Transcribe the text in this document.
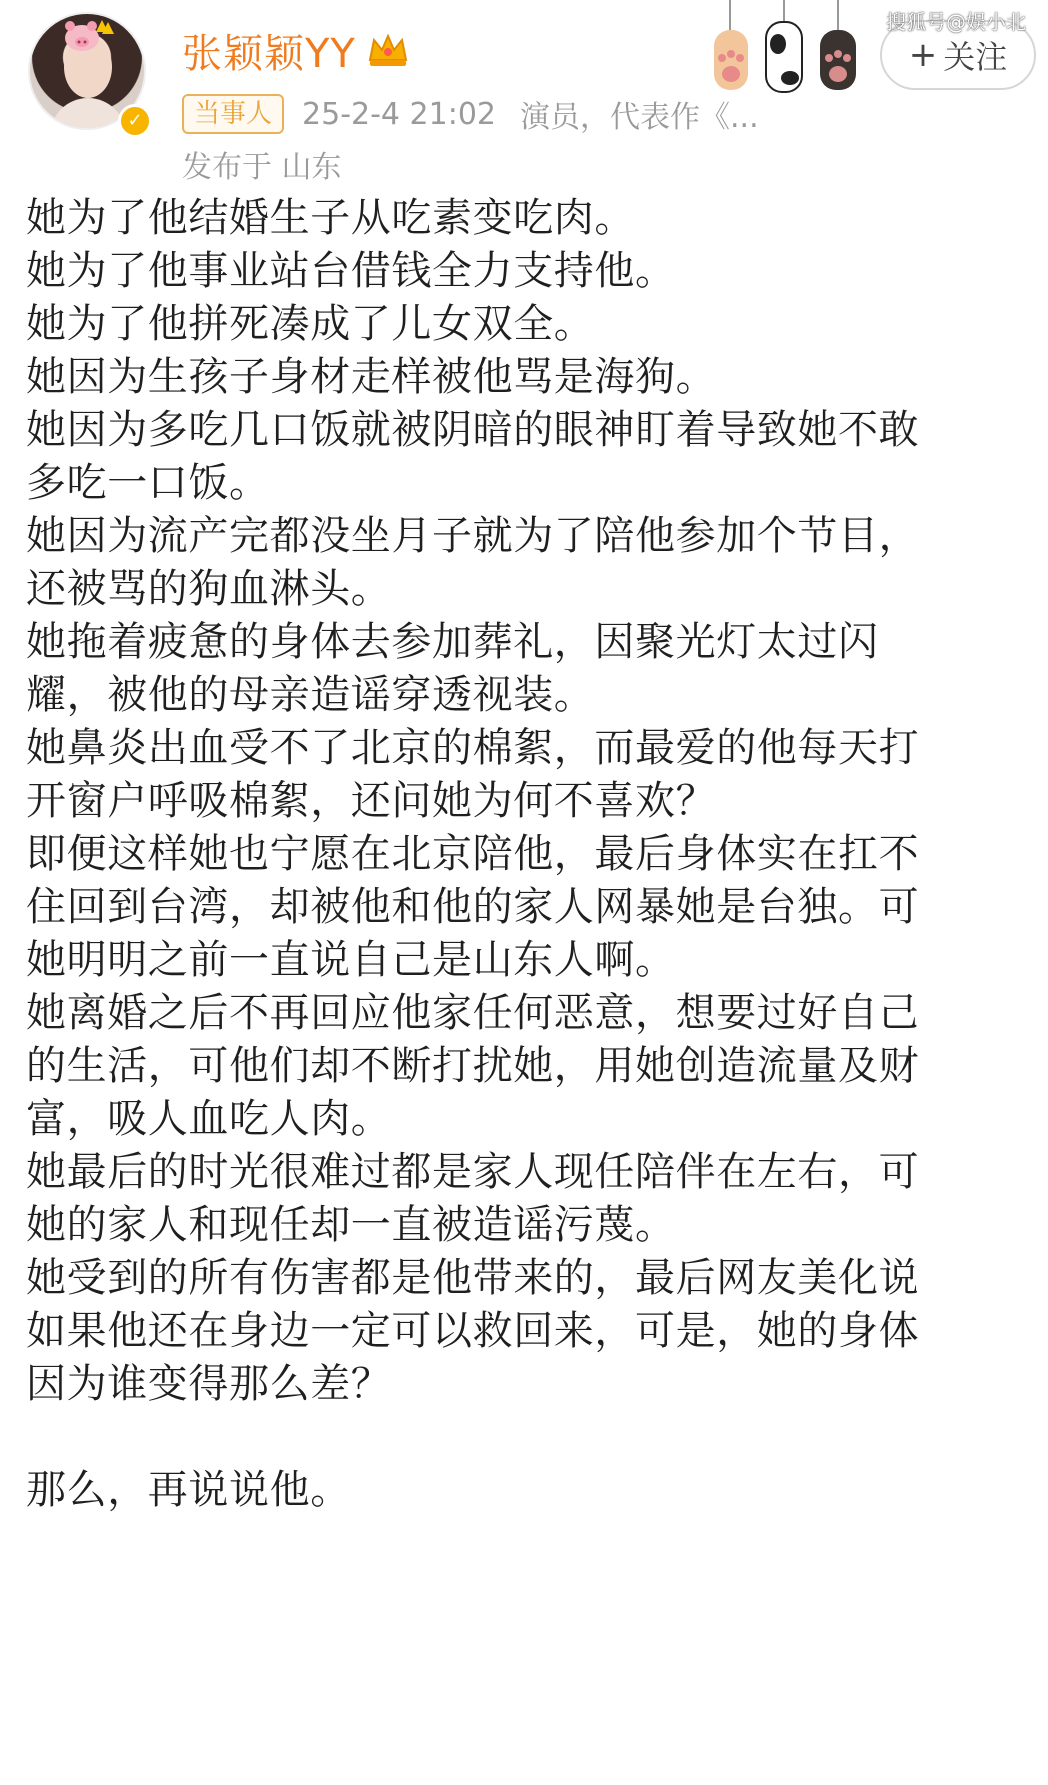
✓
张颖颖YY
当事人	25-2-4 21:02 演员，代表作《...
发布于 山东
+ 关注
搜狐号@娱小北

她为了他结婚生子从吃素变吃肉。

她为了他事业站台借钱全力支持他。

她为了他拼死凑成了儿女双全。

她因为生孩子身材走样被他骂是海狗。

她因为多吃几口饭就被阴暗的眼神盯着导致她不敢

多吃一口饭。

她因为流产完都没坐月子就为了陪他参加个节目，

还被骂的狗血淋头。

她拖着疲惫的身体去参加葬礼，因聚光灯太过闪

耀，被他的母亲造谣穿透视装。

她鼻炎出血受不了北京的棉絮，而最爱的他每天打

开窗户呼吸棉絮，还问她为何不喜欢？

即便这样她也宁愿在北京陪他，最后身体实在扛不

住回到台湾，却被他和他的家人网暴她是台独。可

她明明之前一直说自己是山东人啊。

她离婚之后不再回应他家任何恶意，想要过好自己

的生活，可他们却不断打扰她，用她创造流量及财

富，吸人血吃人肉。

她最后的时光很难过都是家人现任陪伴在左右，可

她的家人和现任却一直被造谣污蔑。

她受到的所有伤害都是他带来的，最后网友美化说

如果他还在身边一定可以救回来，可是，她的身体

因为谁变得那么差？

那么，再说说他。
